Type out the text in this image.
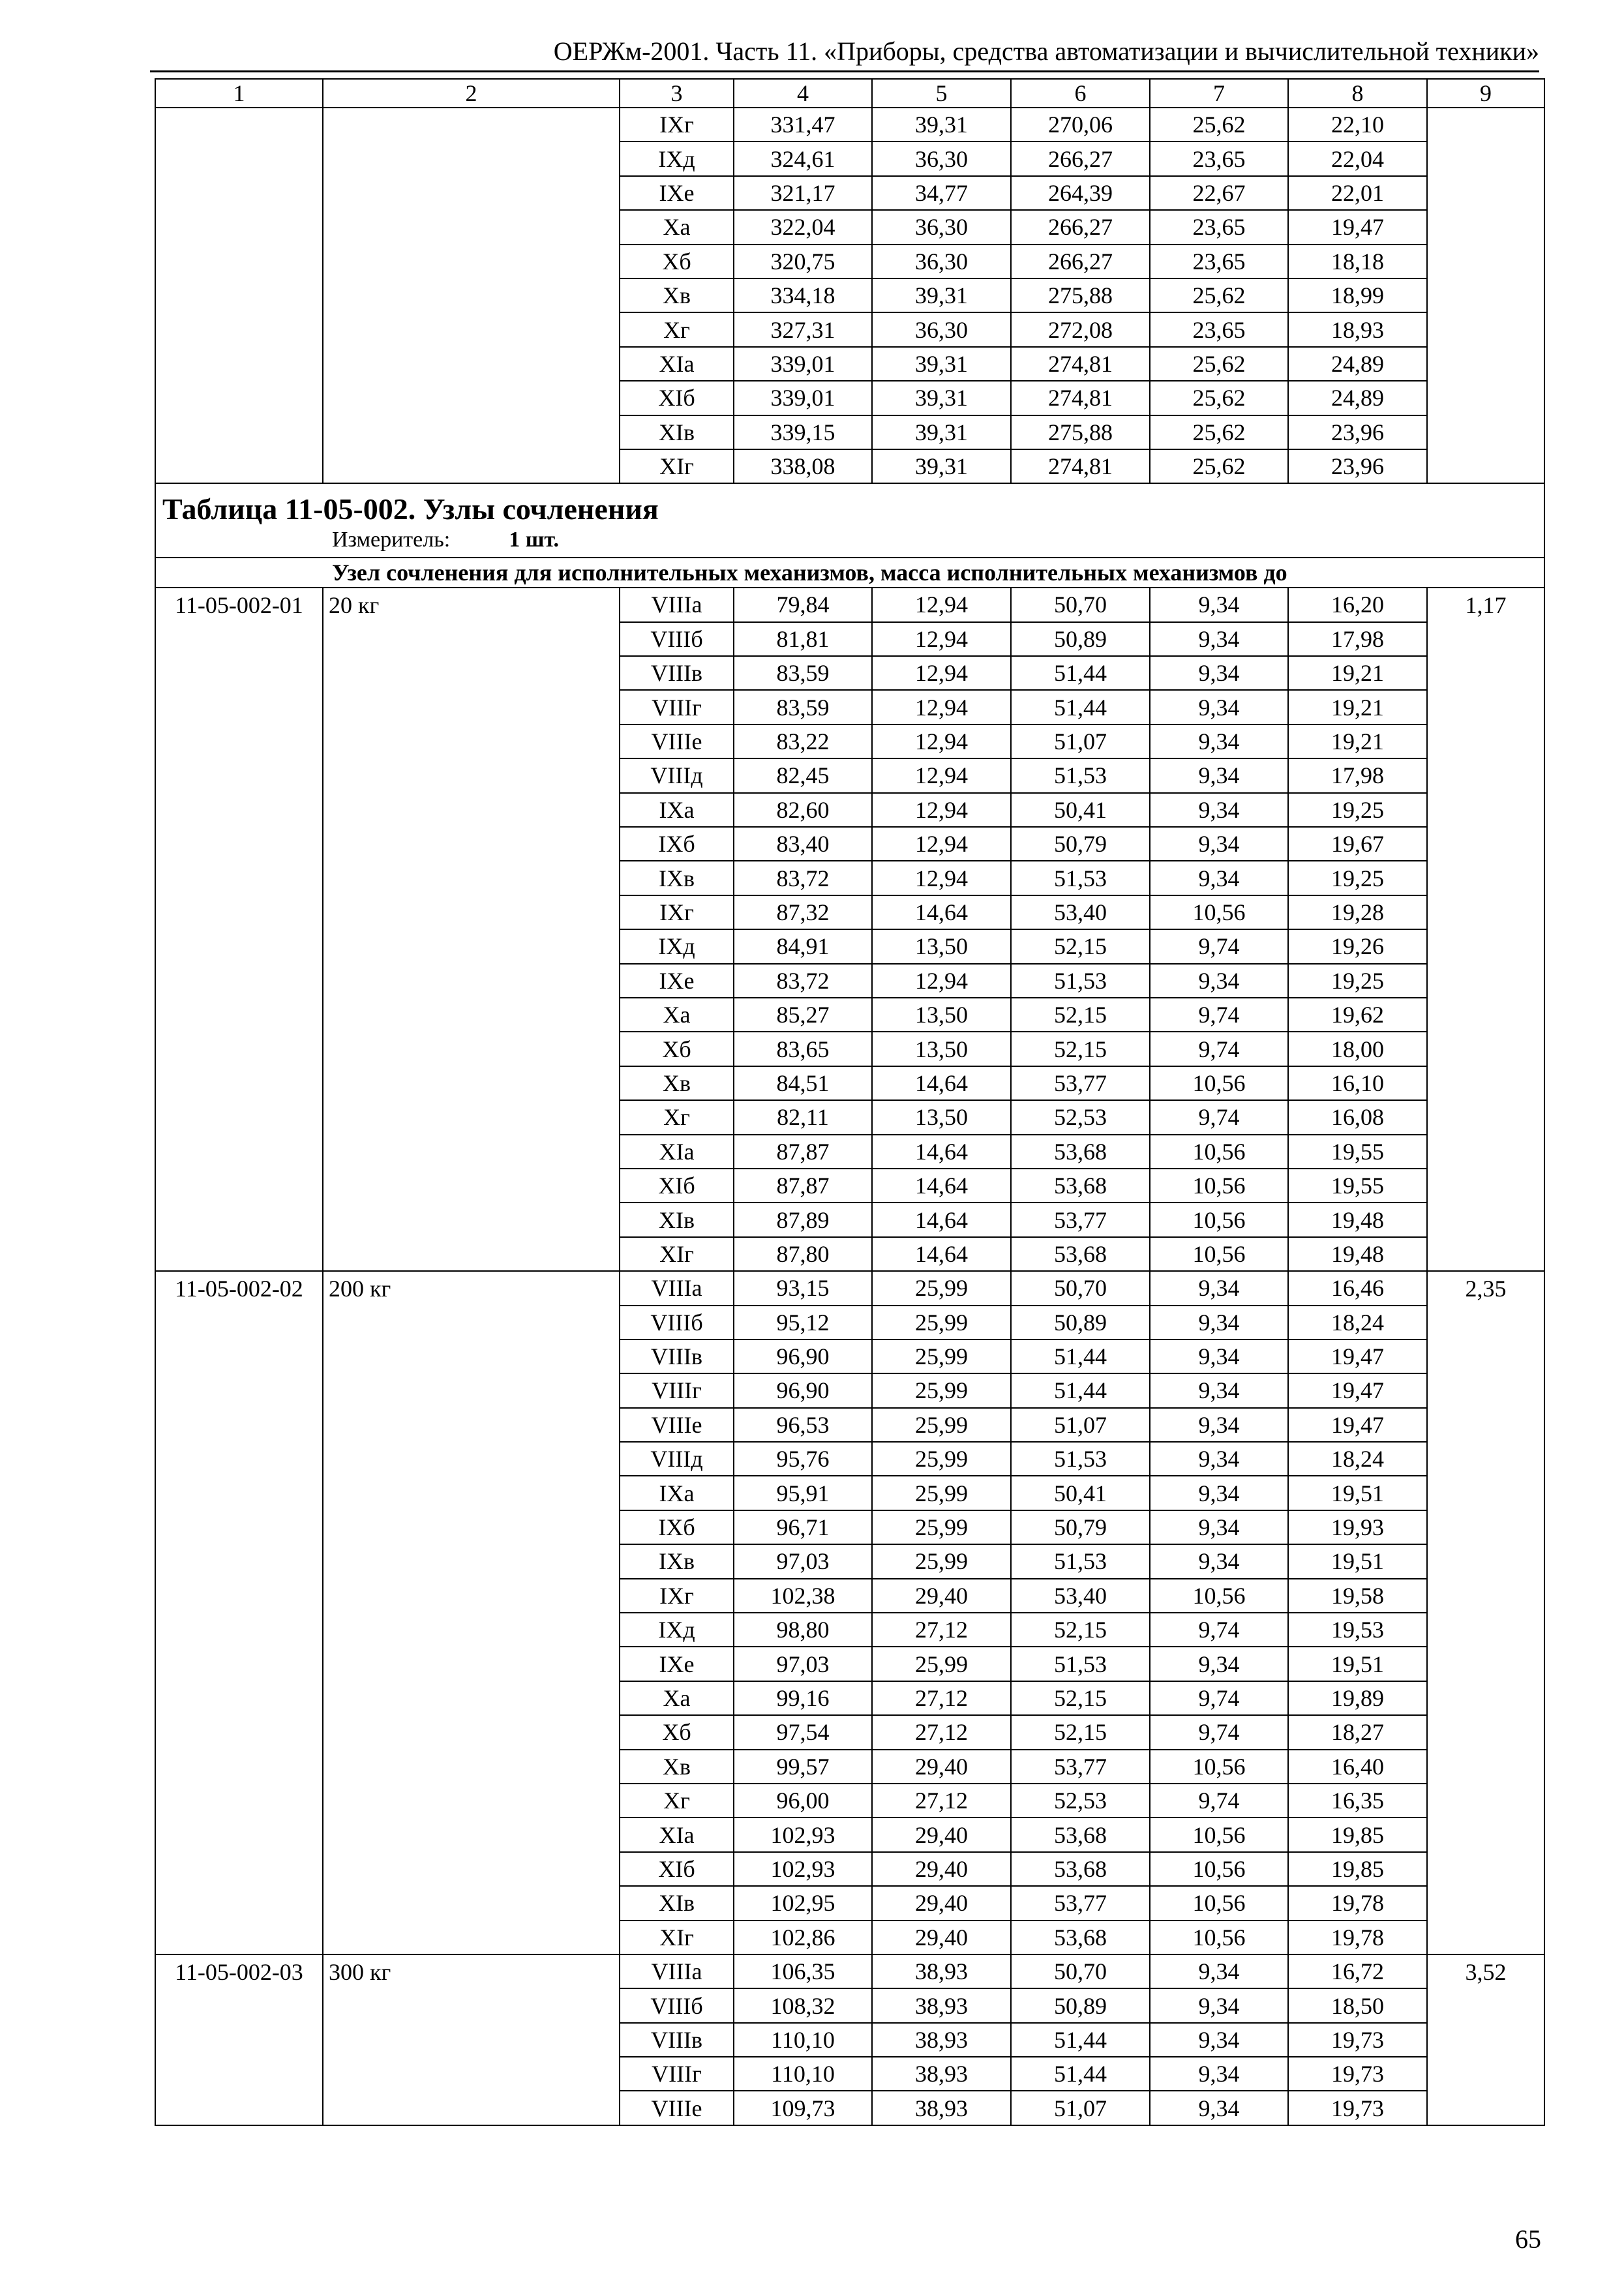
ОЕРЖм-2001. Часть 11. «Приборы, средства автоматизации и вычислительной техники»
1	2	3	4	5	6	7	8	9
		IXг	331,47	39,31	270,06	25,62	22,10	
		IXд	324,61	36,30	266,27	23,65	22,04	
		IXе	321,17	34,77	264,39	22,67	22,01	
		Xа	322,04	36,30	266,27	23,65	19,47	
		Xб	320,75	36,30	266,27	23,65	18,18	
		Xв	334,18	39,31	275,88	25,62	18,99	
		Xг	327,31	36,30	272,08	23,65	18,93	
		XIа	339,01	39,31	274,81	25,62	24,89	
		XIб	339,01	39,31	274,81	25,62	24,89	
		XIв	339,15	39,31	275,88	25,62	23,96	
		XIг	338,08	39,31	274,81	25,62	23,96	

Таблица 11-05-002. Узлы сочленения
Измеритель: 1 шт.								

Узел сочленения для исполнительных механизмов, масса исполнительных механизмов до								
11-05-002-01	20 кг	VIIIа	79,84	12,94	50,70	9,34	16,20	1,17
		VIIIб	81,81	12,94	50,89	9,34	17,98	
		VIIIв	83,59	12,94	51,44	9,34	19,21	
		VIIIг	83,59	12,94	51,44	9,34	19,21	
		VIIIе	83,22	12,94	51,07	9,34	19,21	
		VIIIд	82,45	12,94	51,53	9,34	17,98	
		IXа	82,60	12,94	50,41	9,34	19,25	
		IXб	83,40	12,94	50,79	9,34	19,67	
		IXв	83,72	12,94	51,53	9,34	19,25	
		IXг	87,32	14,64	53,40	10,56	19,28	
		IXд	84,91	13,50	52,15	9,74	19,26	
		IXе	83,72	12,94	51,53	9,34	19,25	
		Xа	85,27	13,50	52,15	9,74	19,62	
		Xб	83,65	13,50	52,15	9,74	18,00	
		Xв	84,51	14,64	53,77	10,56	16,10	
		Xг	82,11	13,50	52,53	9,74	16,08	
		XIа	87,87	14,64	53,68	10,56	19,55	
		XIб	87,87	14,64	53,68	10,56	19,55	
		XIв	87,89	14,64	53,77	10,56	19,48	
		XIг	87,80	14,64	53,68	10,56	19,48	
11-05-002-02	200 кг	VIIIа	93,15	25,99	50,70	9,34	16,46	2,35
		VIIIб	95,12	25,99	50,89	9,34	18,24	
		VIIIв	96,90	25,99	51,44	9,34	19,47	
		VIIIг	96,90	25,99	51,44	9,34	19,47	
		VIIIе	96,53	25,99	51,07	9,34	19,47	
		VIIIд	95,76	25,99	51,53	9,34	18,24	
		IXа	95,91	25,99	50,41	9,34	19,51	
		IXб	96,71	25,99	50,79	9,34	19,93	
		IXв	97,03	25,99	51,53	9,34	19,51	
		IXг	102,38	29,40	53,40	10,56	19,58	
		IXд	98,80	27,12	52,15	9,74	19,53	
		IXе	97,03	25,99	51,53	9,34	19,51	
		Xа	99,16	27,12	52,15	9,74	19,89	
		Xб	97,54	27,12	52,15	9,74	18,27	
		Xв	99,57	29,40	53,77	10,56	16,40	
		Xг	96,00	27,12	52,53	9,74	16,35	
		XIа	102,93	29,40	53,68	10,56	19,85	
		XIб	102,93	29,40	53,68	10,56	19,85	
		XIв	102,95	29,40	53,77	10,56	19,78	
		XIг	102,86	29,40	53,68	10,56	19,78	
11-05-002-03	300 кг	VIIIа	106,35	38,93	50,70	9,34	16,72	3,52
		VIIIб	108,32	38,93	50,89	9,34	18,50	
		VIIIв	110,10	38,93	51,44	9,34	19,73	
		VIIIг	110,10	38,93	51,44	9,34	19,73	
		VIIIе	109,73	38,93	51,07	9,34	19,73	
65
